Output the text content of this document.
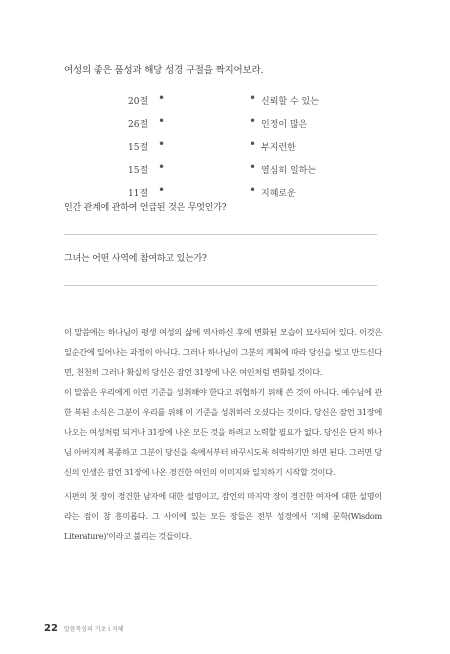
여성의 좋은 품성과 해당 성경 구절을 짝지어보라.
20절 •	• 신뢰할 수 있는
26절 •	• 인정이 많은
15절 •	• 부지런한
15절 •	• 열심히 일하는
11절 •	• 지혜로운
인간 관계에 관하여 언급된 것은 무엇인가?
그녀는 어떤 사역에 참여하고 있는가?

이 말씀에는 하나님이 평생 여성의 삶에 역사하신 후에 변화된 모습이 묘사되어 있다. 이것은 일순간에 일어나는 과정이 아니다. 그러나 하나님이 그분의 계획에 따라 당신을 빚고 만드신다면, 천천히 그러나 확실히 당신은 잠언 31장에 나온 여인처럼 변화될 것이다.

이 말씀은 우리에게 이런 기준을 성취해야 한다고 위협하기 위해 쓴 것이 아니다. 예수님에 관한 복된 소식은 그분이 우리를 위해 이 기준을 성취하러 오셨다는 것이다. 당신은 잠언 31장에 나오는 여성처럼 되거나 31장에 나온 모든 것을 하려고 노력할 필요가 없다. 당신은 단지 하나님 아버지께 복종하고 그분이 당신을 속에서부터 바꾸시도록 허락하기만 하면 된다. 그러면 당신의 인생은 잠언 31장에 나온 경건한 여인의 이미지와 일치하기 시작할 것이다.

시편의 첫 장이 경건한 남자에 대한 설명이고, 잠언의 마지막 장이 경건한 여자에 대한 설명이라는 점이 참 흥미롭다. 그 사이에 있는 모든 장들은 전부 성경에서 '지혜 문학(Wisdom Literature)'이라고 불리는 것들이다.

22 말씀묵상의 기초 I 지혜
